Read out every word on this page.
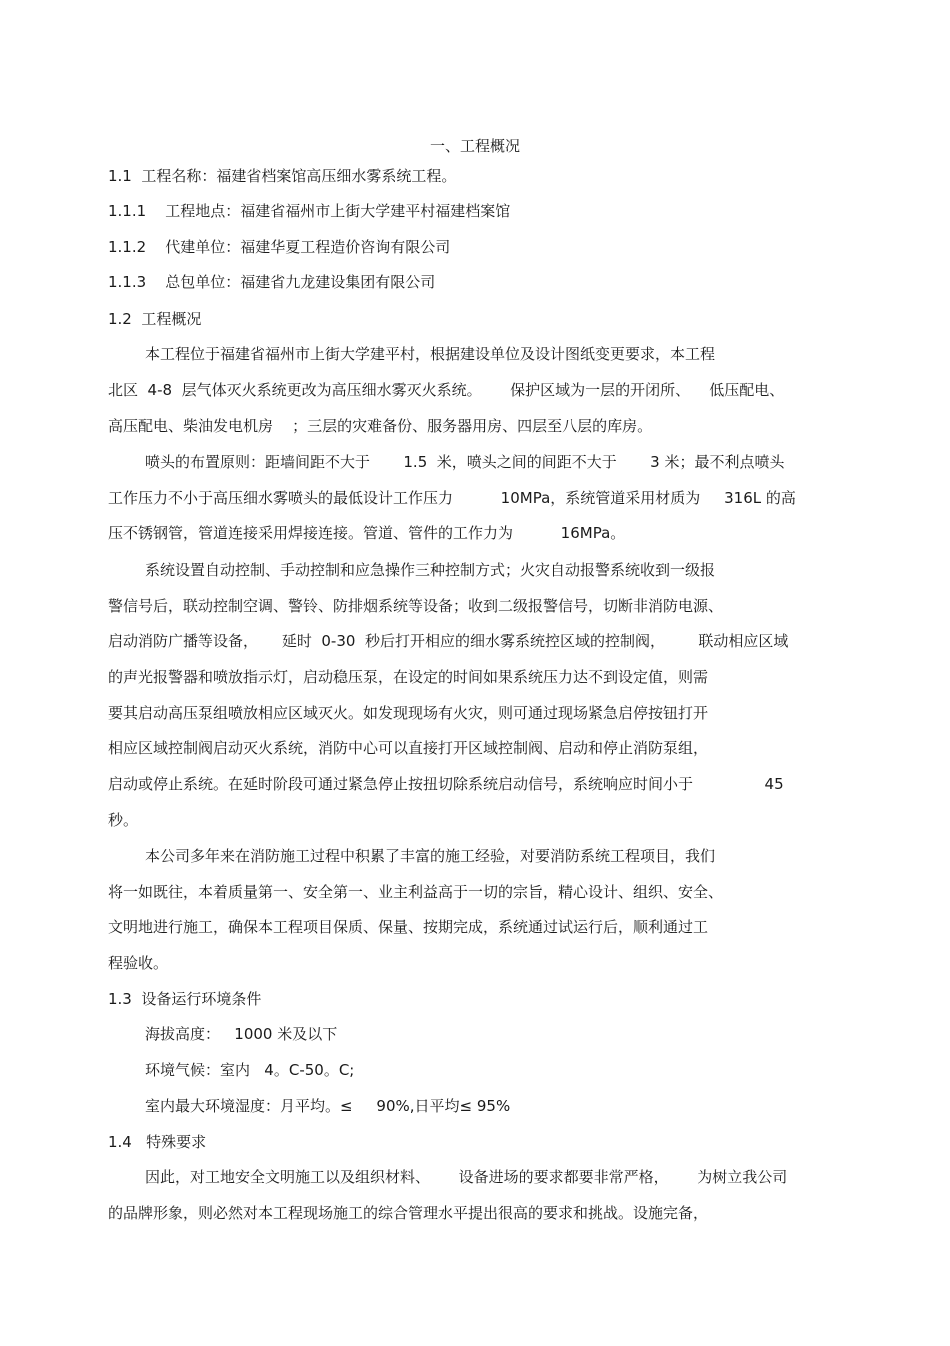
一、工程概况
1.1  工程名称：福建省档案馆高压细水雾系统工程。
1.1.1    工程地点：福建省福州市上街大学建平村福建档案馆
1.1.2    代建单位：福建华夏工程造价咨询有限公司
1.1.3    总包单位：福建省九龙建设集团有限公司
1.2  工程概况
本工程位于福建省福州市上街大学建平村，根据建设单位及设计图纸变更要求，本工程
北区  4-8  层气体灭火系统更改为高压细水雾灭火系统。      保护区域为一层的开闭所、    低压配电、
高压配电、柴油发电机房    ；三层的灾难备份、服务器用房、四层至八层的库房。
喷头的布置原则：距墙间距不大于       1.5  米，喷头之间的间距不大于       3 米；最不利点喷头
工作压力不小于高压细水雾喷头的最低设计工作压力          10MPa，系统管道采用材质为     316L 的高
压不锈钢管，管道连接采用焊接连接。管道、管件的工作力为          16MPa。
系统设置自动控制、手动控制和应急操作三种控制方式；火灾自动报警系统收到一级报
警信号后，联动控制空调、警铃、防排烟系统等设备；收到二级报警信号，切断非消防电源、
启动消防广播等设备，     延时  0-30  秒后打开相应的细水雾系统控区域的控制阀，       联动相应区域
的声光报警器和喷放指示灯，启动稳压泵，在设定的时间如果系统压力达不到设定值，则需
要其启动高压泵组喷放相应区域灭火。如发现现场有火灾，则可通过现场紧急启停按钮打开
相应区域控制阀启动灭火系统，消防中心可以直接打开区域控制阀、启动和停止消防泵组，
启动或停止系统。在延时阶段可通过紧急停止按扭切除系统启动信号，系统响应时间小于               45
秒。
本公司多年来在消防施工过程中积累了丰富的施工经验，对要消防系统工程项目，我们
将一如既往，本着质量第一、安全第一、业主利益高于一切的宗旨，精心设计、组织、安全、
文明地进行施工，确保本工程项目保质、保量、按期完成，系统通过试运行后，顺利通过工
程验收。
1.3  设备运行环境条件
海拔高度：   1000 米及以下
环境气候：室内   4。C-50。C;
室内最大环境湿度：月平均。≤     90%,日平均≤ 95%
1.4   特殊要求
因此，对工地安全文明施工以及组织材料、      设备进场的要求都要非常严格，      为树立我公司
的品牌形象，则必然对本工程现场施工的综合管理水平提出很高的要求和挑战。设施完备，
